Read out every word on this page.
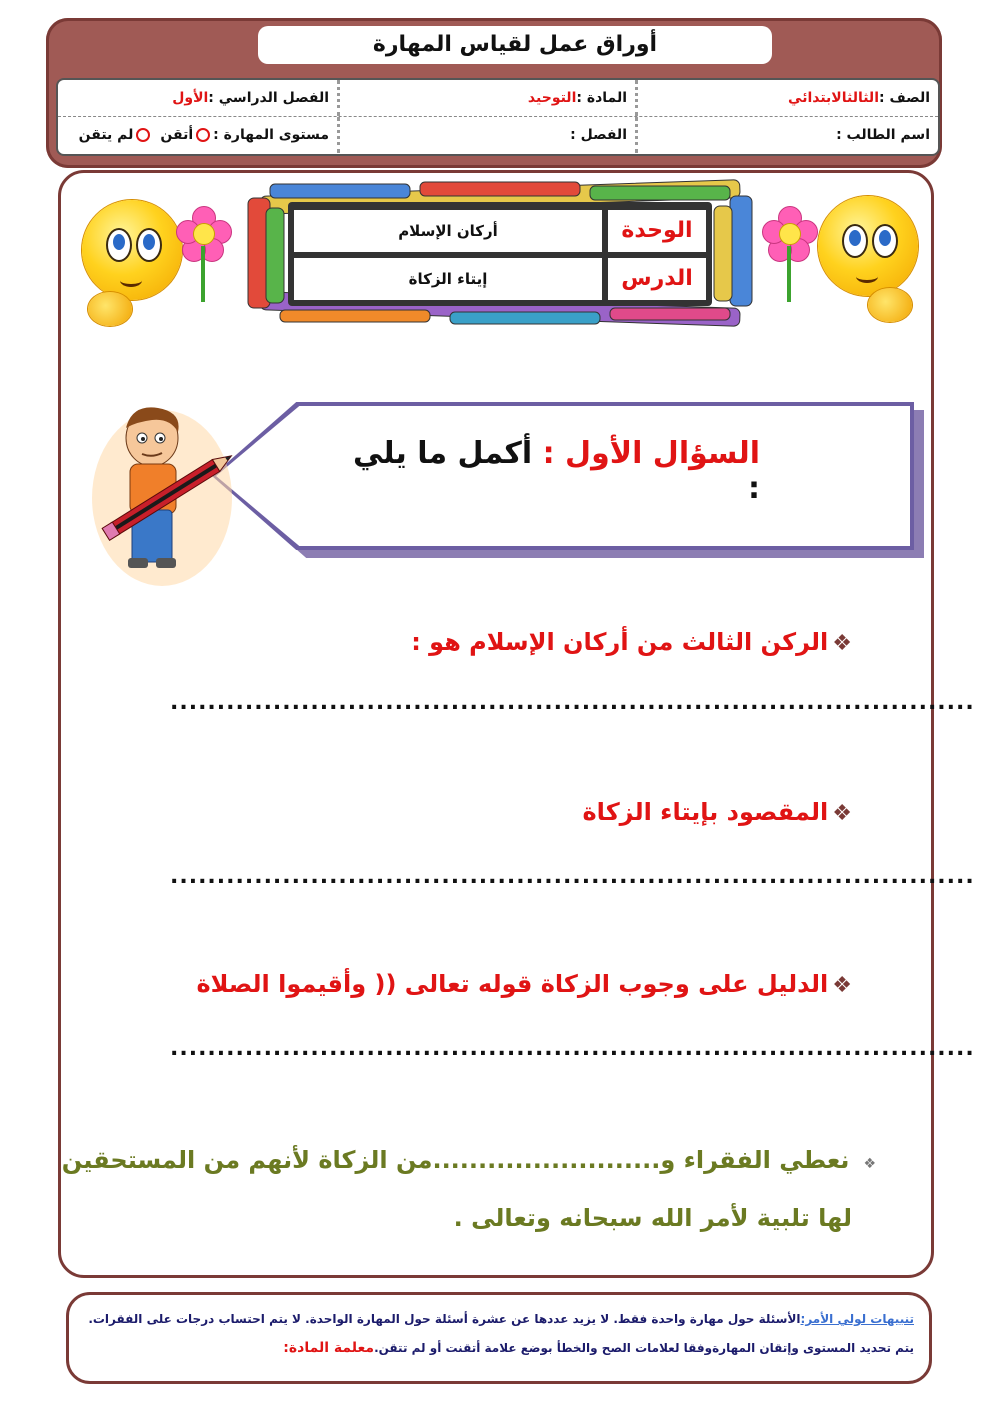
أوراق عمل لقياس المهارة
الصف :
الثالثالابتدائي
المادة :
التوحيد
الفصل الدراسي :
الأول
اسم الطالب :
الفصل :
مستوى المهارة :
أتقن
لم يتقن
الوحدة
أركان الإسلام
الدرس
إيتاء الزكاة
السؤال الأول : أكمل ما يلي :
❖الركن الثالث من أركان الإسلام هو :
......................................................................................
❖المقصود بإيتاء الزكاة
......................................................................................
❖الدليل على وجوب الزكاة قوله تعالى (( وأقيموا الصلاة
......................................................................................
❖نعطي الفقراء و.........................من الزكاة لأنهم من المستحقين
لها تلبية لأمر الله سبحانه وتعالى .
تنبيهات لولي الأمر:الأسئلة حول مهارة واحدة فقط. لا يزيد عددها عن عشرة أسئلة حول المهارة الواحدة. لا يتم احتساب درجات على الفقرات.
يتم تحديد المستوى وإتقان المهارةوفقا لعلامات الصح والخطأ بوضع علامة أتقنت أو لم تتقن.معلمة المادة:
